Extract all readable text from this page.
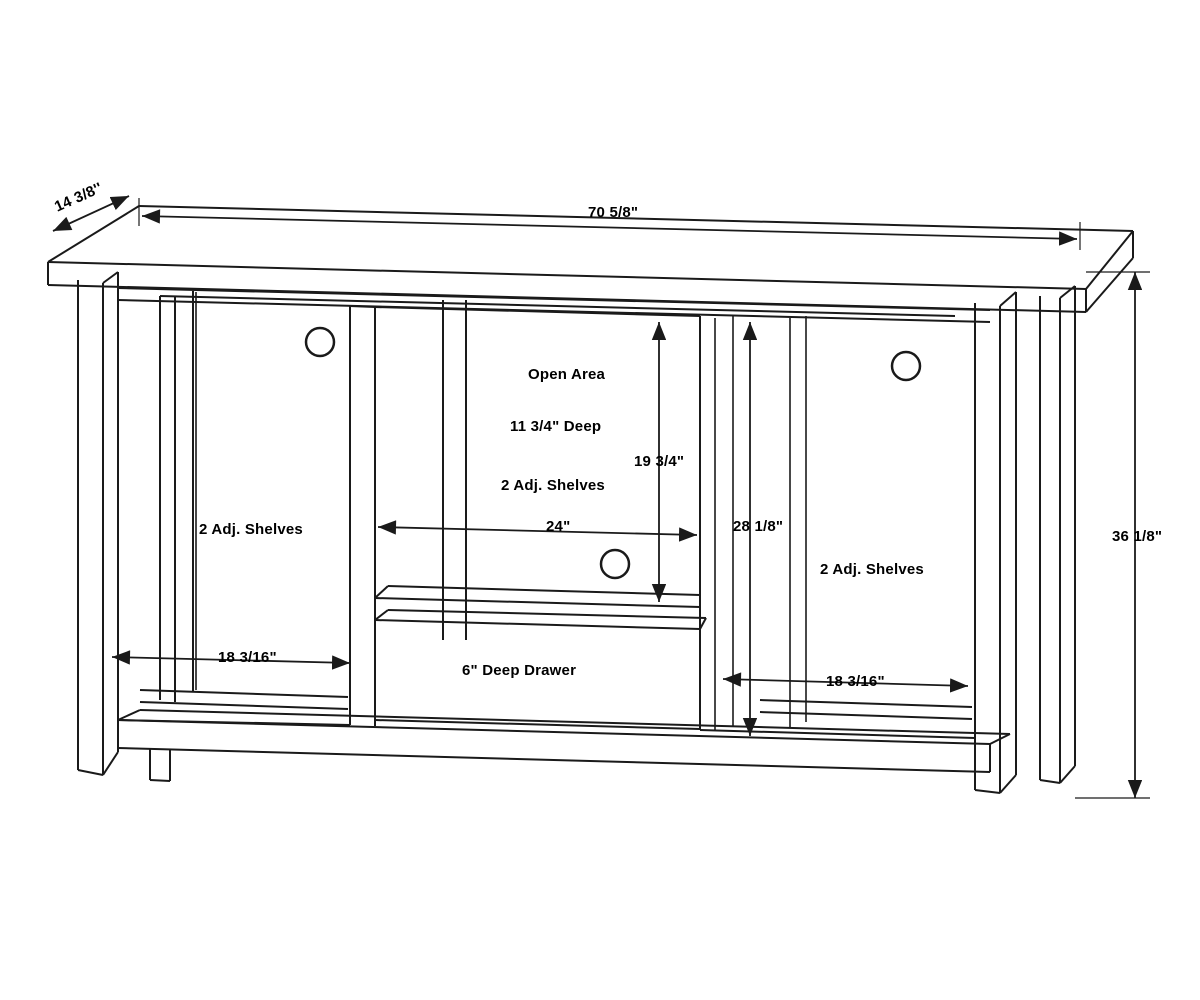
70 5/8"
14 3/8''
36 1/8"
Open Area
11 3/4" Deep
2 Adj. Shelves
19 3/4"
28 1/8"
24"
2 Adj. Shelves
2 Adj. Shelves
18 3/16"
18 3/16"
6" Deep Drawer
